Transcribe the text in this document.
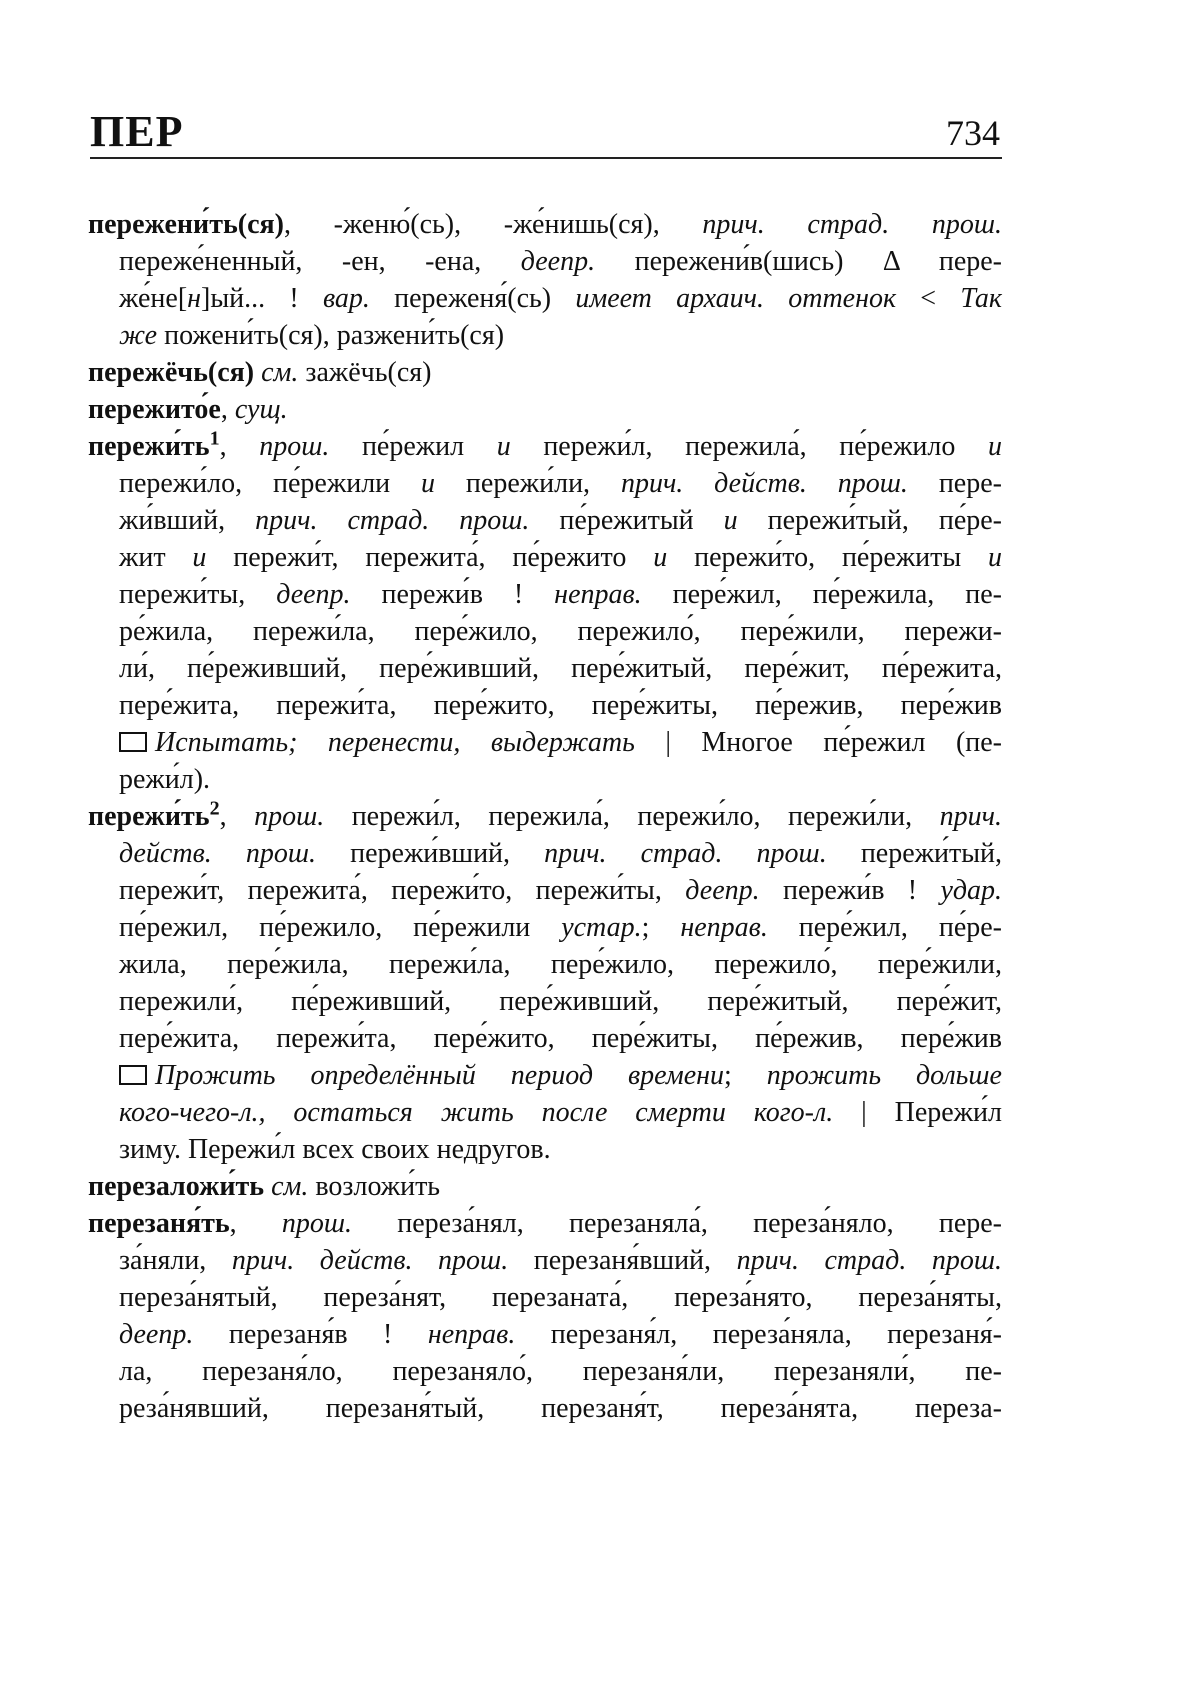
ПЕР	734
пережени́ть(ся), -женю́(сь), -же́нишь(ся), прич. страд. прош.
переже́ненный, -ен, -ена, деепр. пережени́в(шись) Δ пере-
же́не[н]ый... ! вар. переженя́(сь) имеет архаич. оттенок < Так
же пожени́ть(ся), разжени́ть(ся)
пережёчь(ся) см. зажёчь(ся)
пережито́е, сущ.
$пережи́ть^1$, прош. пе́режил и пережи́л, пережила́, пе́режило и
пережи́ло, пе́режили и пережи́ли, прич. действ. прош. пере-
жи́вший, прич. страд. прош. пе́режитый и пережи́тый, пе́ре-
жит и пережи́т, пережита́, пе́режито и пережи́то, пе́режиты и
пережи́ты, деепр. пережи́в ! неправ. пере́жил, пе́режила, пе-
ре́жила, пережи́ла, пере́жило, пережило́, пере́жили, пережи-
ли́, пе́реживший, пере́живший, пере́житый, пере́жит, пе́режита,
пере́жита, пережи́та, пере́жито, пере́житы, пе́режив, пере́жив
Испытать; перенести, выдержать | Многое пе́режил (пе-
режи́л).
$пережи́ть^2$, прош. пережи́л, пережила́, пережи́ло, пережи́ли, прич.
действ. прош. пережи́вший, прич. страд. прош. пережи́тый,
пережи́т, пережита́, пережи́то, пережи́ты, деепр. пережи́в ! удар.
пе́режил, пе́режило, пе́режили устар.; неправ. пере́жил, пе́ре-
жила, пере́жила, пережи́ла, пере́жило, пережило́, пере́жили,
пережили́, пе́реживший, пере́живший, пере́житый, пере́жит,
пере́жита, пережи́та, пере́жито, пере́житы, пе́режив, пере́жив
Прожить определённый период времени; прожить дольше
кого-чего-л., остаться жить после смерти кого-л. | Пережи́л
зиму. Пережи́л всех своих недругов.
перезаложи́ть см. возложи́ть
перезаня́ть, прош. переза́нял, перезаняла́, переза́няло, пере-
за́няли, прич. действ. прош. перезаня́вший, прич. страд. прош.
переза́нятый, переза́нят, перезаната́, переза́нято, переза́няты,
деепр. перезаня́в ! неправ. перезаня́л, переза́няла, перезаня́-
ла, перезаня́ло, перезаняло́, перезаня́ли, перезаняли́, пе-
реза́нявший, перезаня́тый, перезаня́т, переза́нята, переза-
